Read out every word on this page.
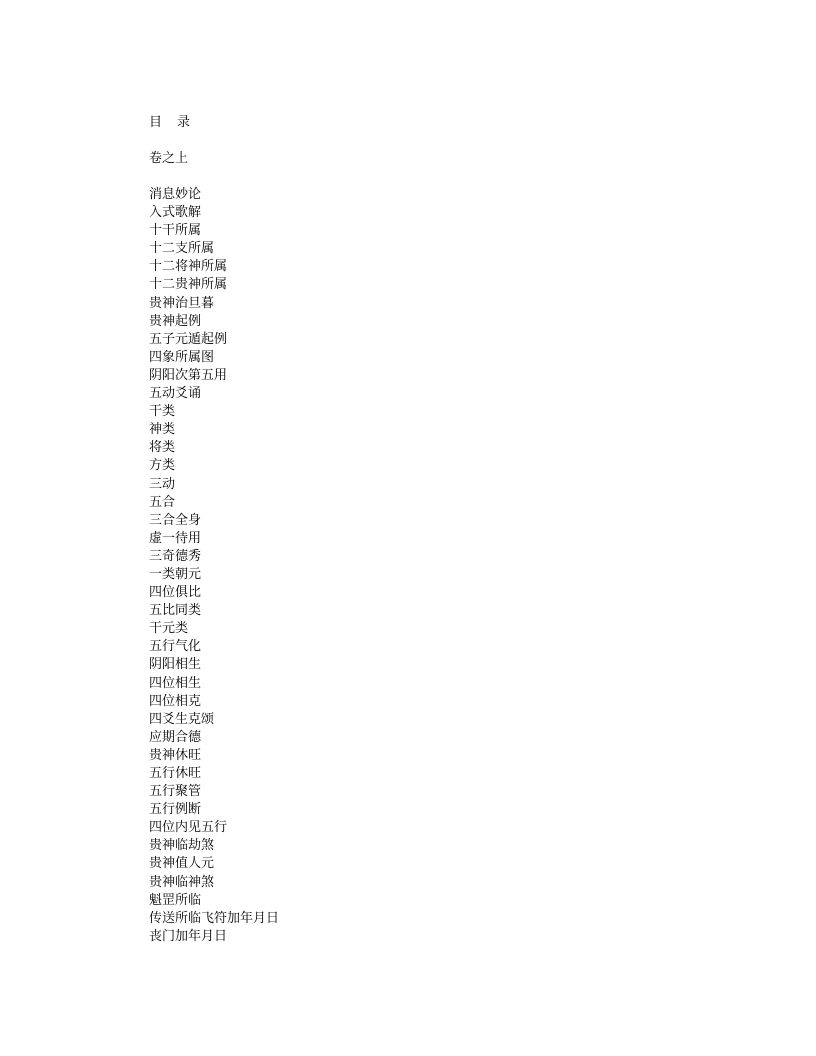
目　录
卷之上
消息妙论
入式歌解
十干所属
十二支所属
十二将神所属
十二贵神所属
贵神治旦暮
贵神起例
五子元遁起例
四象所属图
阴阳次第五用
五动爻诵
干类
神类
将类
方类
三动
五合
三合全身
虚一待用
三奇德秀
一类朝元
四位俱比
五比同类
干元类
五行气化
阴阳相生
四位相生
四位相克
四爻生克颂
应期合德
贵神休旺
五行休旺
五行聚管
五行例断
四位内见五行
贵神临劫煞
贵神值人元
贵神临神煞
魁罡所临
传送所临飞符加年月日
丧门加年月日
